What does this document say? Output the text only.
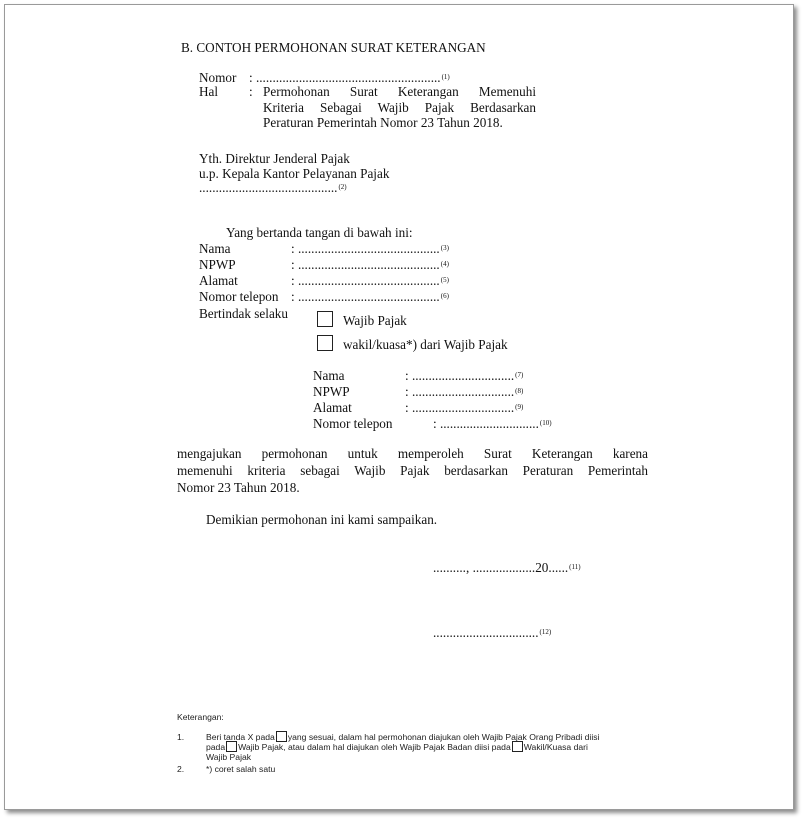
B. CONTOH PERMOHONAN SURAT KETERANGAN
Nomor : ........................................................$^{(1)}$
Hal : Permohonan Surat Keterangan Memenuhi
Kriteria Sebagai Wajib Pajak Berdasarkan
Peraturan Pemerintah Nomor 23 Tahun 2018.
Yth. Direktur Jenderal Pajak
u.p. Kepala Kantor Pelayanan Pajak
..........................................$^{(2)}$
Yang bertanda tangan di bawah ini:
Nama	: ...........................................$^{(3)}$
NPWP	: ...........................................$^{(4)}$
Alamat	: ...........................................$^{(5)}$
Nomor telepon : ...........................................$^{(6)}$
Bertindak selaku	Wajib Pajak
wakil/kuasa*) dari Wajib Pajak
Nama	: ...............................$^{(7)}$
NPWP	: ...............................$^{(8)}$
Alamat	: ...............................$^{(9)}$
Nomor telepon	: ..............................$^{(10)}$
mengajukan permohonan untuk memperoleh Surat Keterangan karena
memenuhi kriteria sebagai Wajib Pajak berdasarkan Peraturan Pemerintah
Nomor 23 Tahun 2018.
Demikian permohonan ini kami sampaikan.
.........., ...................20......$^{(11)}$
................................$^{(12)}$
Keterangan:
1.	Beri tanda X pada yang sesuai, dalam hal permohonan diajukan oleh Wajib Pajak Orang Pribadi diisi
pada Wajib Pajak, atau dalam hal diajukan oleh Wajib Pajak Badan diisi pada Wakil/Kuasa dari
Wajib Pajak
2.	*) coret salah satu
